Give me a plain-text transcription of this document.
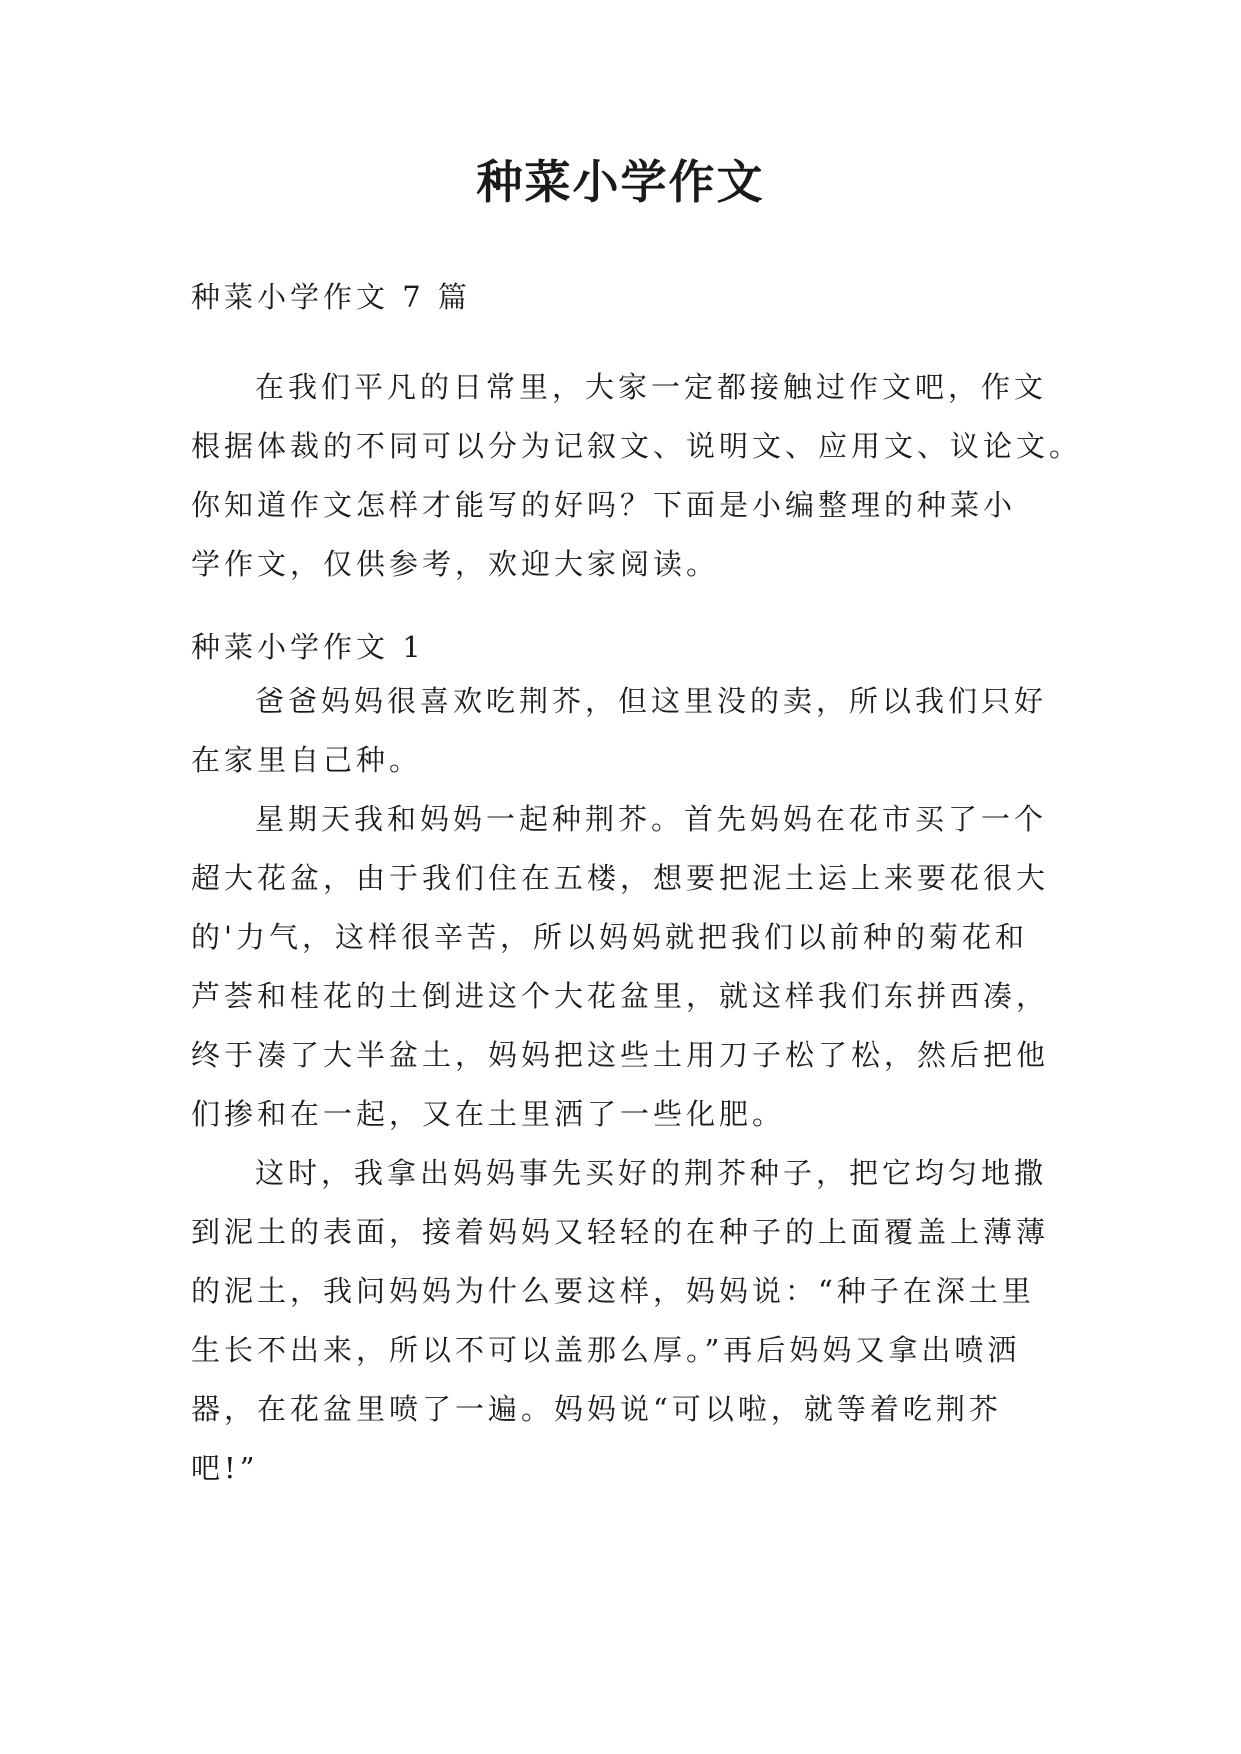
种菜小学作文

种菜小学作文 7 篇

在我们平凡的日常里，大家一定都接触过作文吧，作文
根据体裁的不同可以分为记叙文、说明文、应用文、议论文。
你知道作文怎样才能写的好吗？下面是小编整理的种菜小
学作文，仅供参考，欢迎大家阅读。

种菜小学作文 1

爸爸妈妈很喜欢吃荆芥，但这里没的卖，所以我们只好
在家里自己种。
星期天我和妈妈一起种荆芥。首先妈妈在花市买了一个
超大花盆，由于我们住在五楼，想要把泥土运上来要花很大
的'力气，这样很辛苦，所以妈妈就把我们以前种的菊花和
芦荟和桂花的土倒进这个大花盆里，就这样我们东拼西凑，
终于凑了大半盆土，妈妈把这些土用刀子松了松，然后把他
们掺和在一起，又在土里洒了一些化肥。
这时，我拿出妈妈事先买好的荆芥种子，把它均匀地撒
到泥土的表面，接着妈妈又轻轻的在种子的上面覆盖上薄薄
的泥土，我问妈妈为什么要这样，妈妈说：“种子在深土里
生长不出来，所以不可以盖那么厚。”再后妈妈又拿出喷洒
器，在花盆里喷了一遍。妈妈说“可以啦，就等着吃荆芥
吧!”
